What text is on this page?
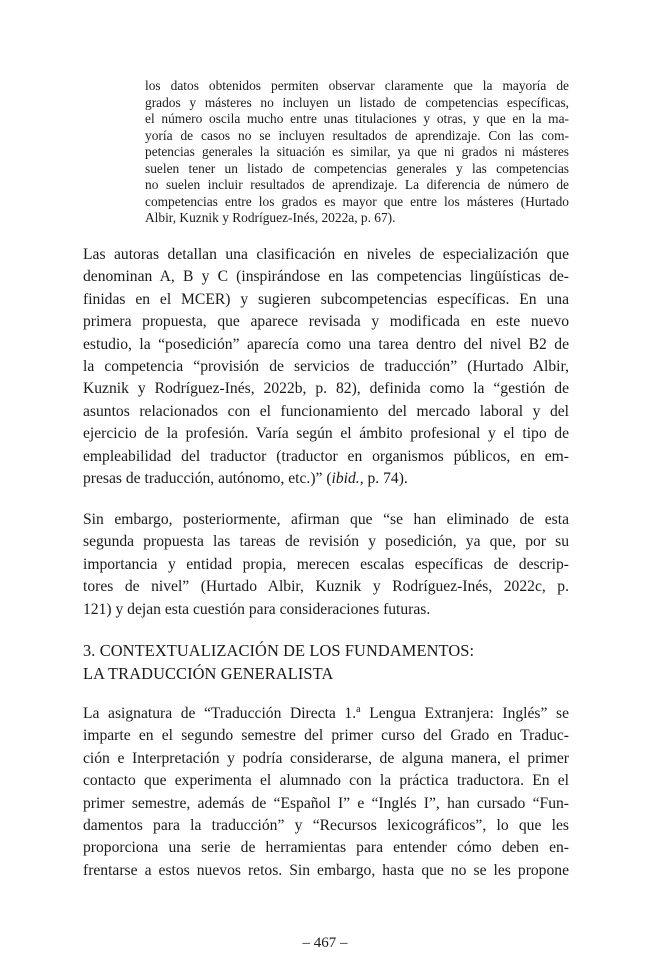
los datos obtenidos permiten observar claramente que la mayoría de
grados y másteres no incluyen un listado de competencias específicas,
el número oscila mucho entre unas titulaciones y otras, y que en la ma-
yoría de casos no se incluyen resultados de aprendizaje. Con las com-
petencias generales la situación es similar, ya que ni grados ni másteres
suelen tener un listado de competencias generales y las competencias
no suelen incluir resultados de aprendizaje. La diferencia de número de
competencias entre los grados es mayor que entre los másteres (Hurtado
Albir, Kuznik y Rodríguez-Inés, 2022a, p. 67).
Las autoras detallan una clasificación en niveles de especialización que
denominan A, B y C (inspirándose en las competencias lingüísticas de-
finidas en el MCER) y sugieren subcompetencias específicas. En una
primera propuesta, que aparece revisada y modificada en este nuevo
estudio, la “posedición” aparecía como una tarea dentro del nivel B2 de
la competencia “provisión de servicios de traducción” (Hurtado Albir,
Kuznik y Rodríguez-Inés, 2022b, p. 82), definida como la “gestión de
asuntos relacionados con el funcionamiento del mercado laboral y del
ejercicio de la profesión. Varía según el ámbito profesional y el tipo de
empleabilidad del traductor (traductor en organismos públicos, en em-
presas de traducción, autónomo, etc.)” (ibid., p. 74).
Sin embargo, posteriormente, afirman que “se han eliminado de esta
segunda propuesta las tareas de revisión y posedición, ya que, por su
importancia y entidad propia, merecen escalas específicas de descrip-
tores de nivel” (Hurtado Albir, Kuznik y Rodríguez-Inés, 2022c, p.
121) y dejan esta cuestión para consideraciones futuras.
3. CONTEXTUALIZACIÓN DE LOS FUNDAMENTOS:
LA TRADUCCIÓN GENERALISTA
La asignatura de “Traducción Directa 1.$^a$ Lengua Extranjera: Inglés” se
imparte en el segundo semestre del primer curso del Grado en Traduc-
ción e Interpretación y podría considerarse, de alguna manera, el primer
contacto que experimenta el alumnado con la práctica traductora. En el
primer semestre, además de “Español I” e “Inglés I”, han cursado “Fun-
damentos para la traducción” y “Recursos lexicográficos”, lo que les
proporciona una serie de herramientas para entender cómo deben en-
frentarse a estos nuevos retos. Sin embargo, hasta que no se les propone
– 467 –
